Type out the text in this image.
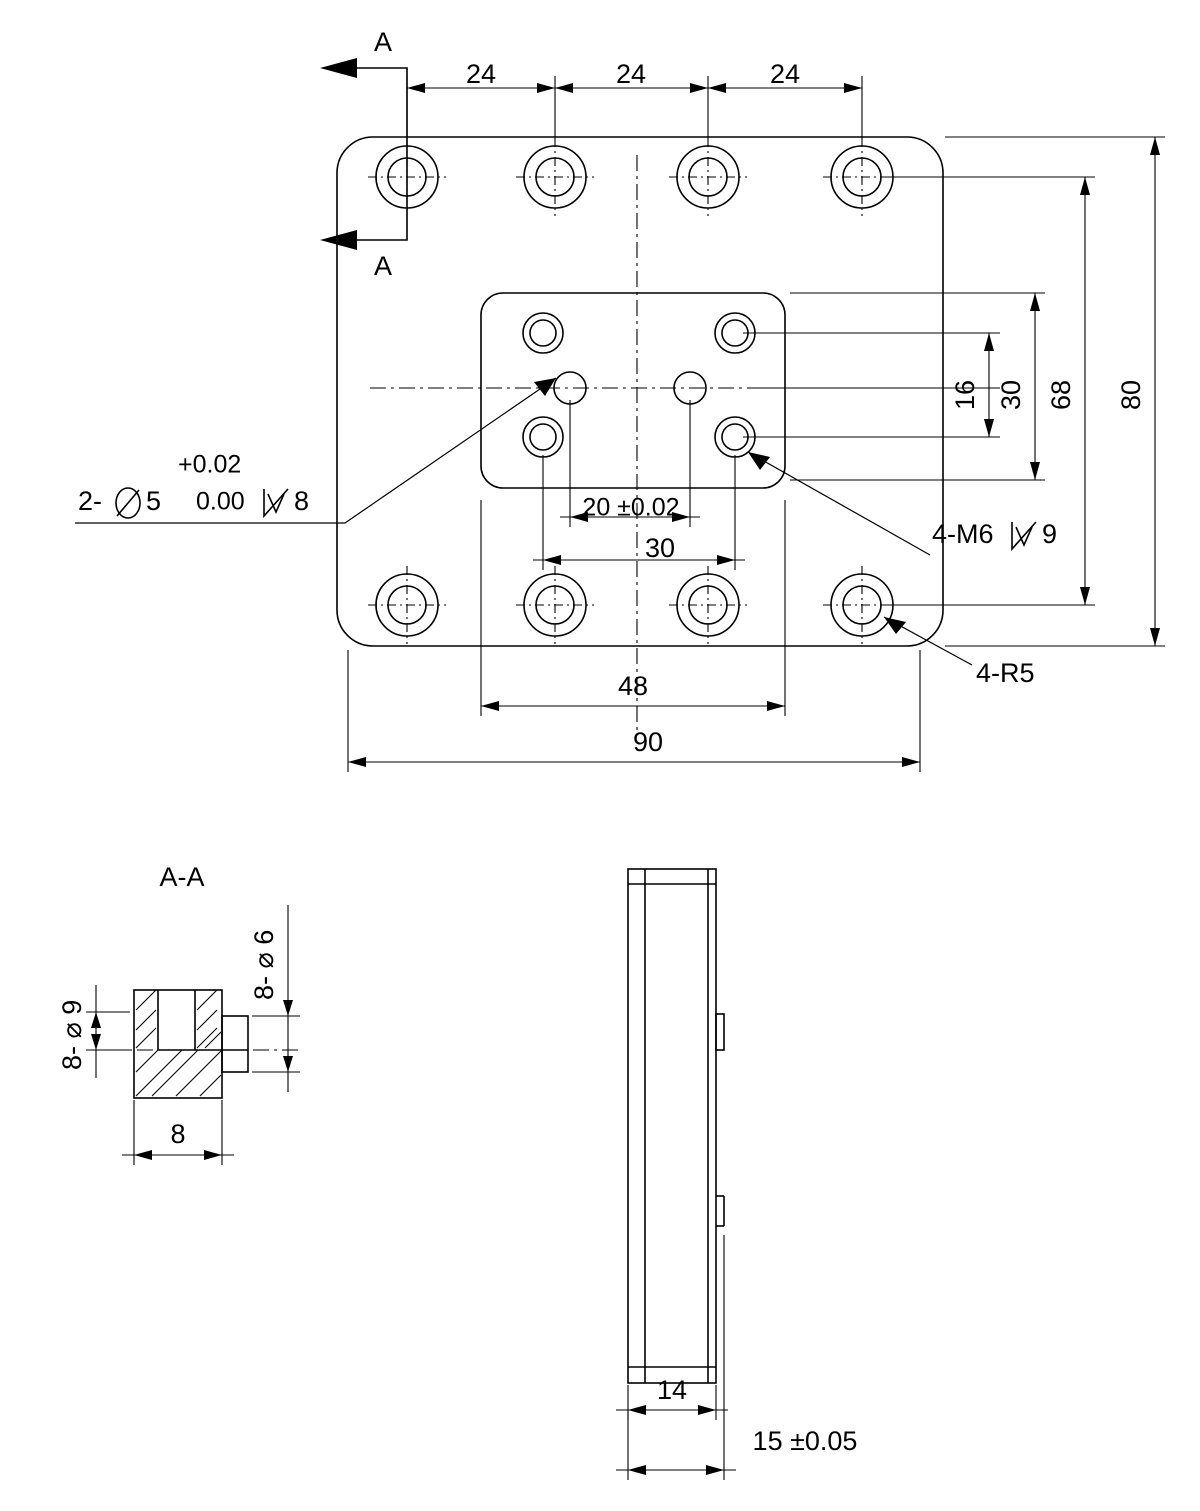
A
A
24	24	24
16 30 68 80
20 ±0.02
30
48
90
2- 5
+0.02
0.00 8
4-M6 9
4-R5
A-A
8- ⌀ 9
8- ⌀ 6
8
14
15 ±0.05
